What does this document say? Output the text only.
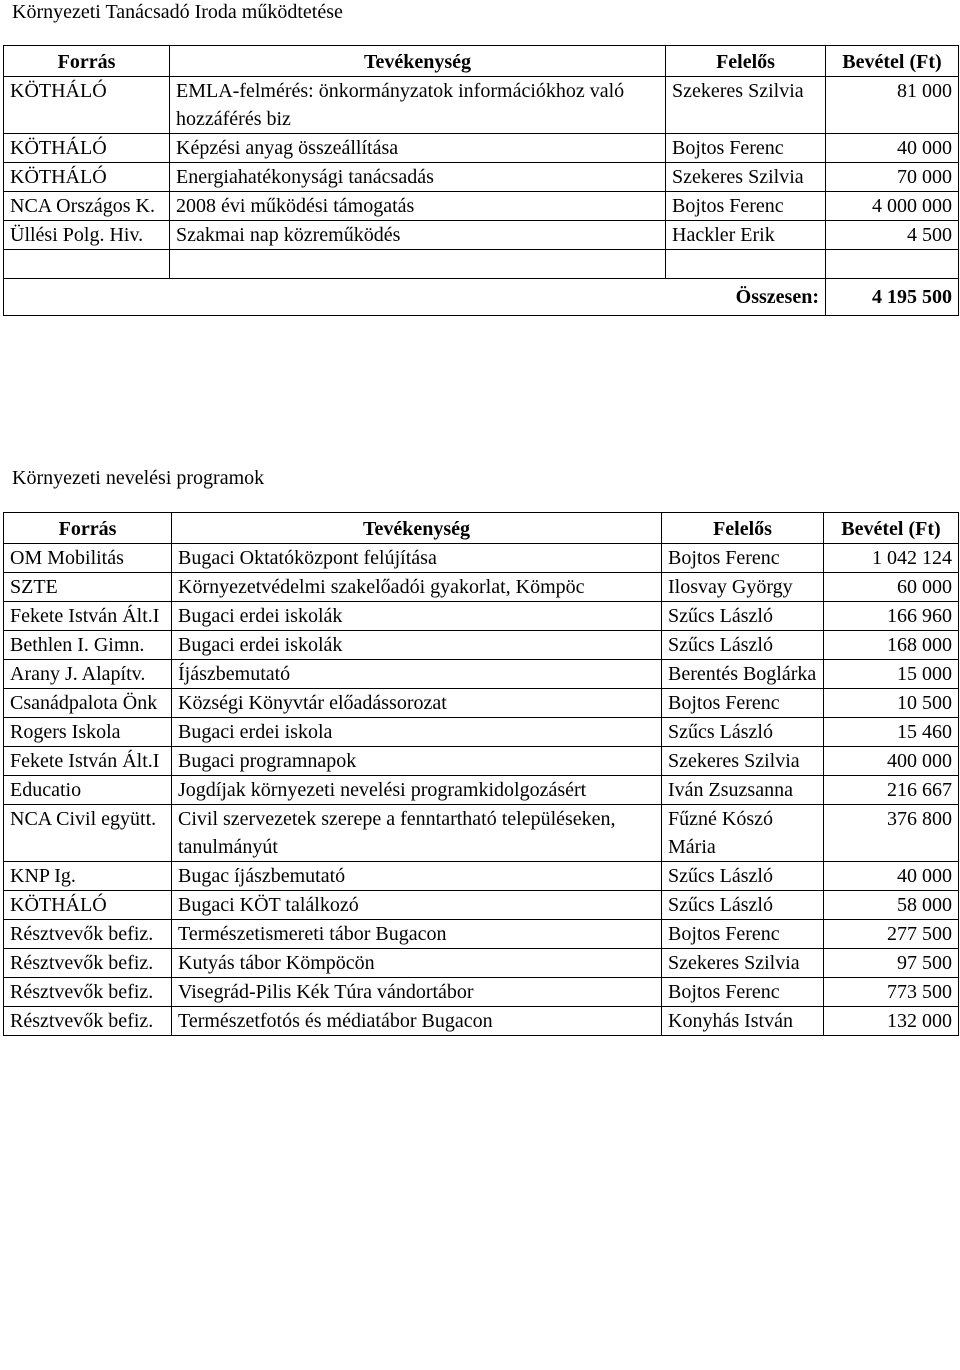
Környezeti Tanácsadó Iroda működtetése
Forrás	Tevékenység	Felelős	Bevétel (Ft)
KÖTHÁLÓ	EMLA-felmérés: önkormányzatok információkhoz való hozzáférés biz	Szekeres Szilvia	81 000
KÖTHÁLÓ	Képzési anyag összeállítása	Bojtos Ferenc	40 000
KÖTHÁLÓ	Energiahatékonysági tanácsadás	Szekeres Szilvia	70 000
NCA Országos K.	2008 évi működési támogatás	Bojtos Ferenc	4 000 000
Üllési Polg. Hiv.	Szakmai nap közreműködés	Hackler Erik	4 500

Összesen:			4 195 500
Környezeti nevelési programok
Forrás	Tevékenység	Felelős	Bevétel (Ft)
OM Mobilitás	Bugaci Oktatóközpont felújítása	Bojtos Ferenc	1 042 124
SZTE	Környezetvédelmi szakelőadói gyakorlat, Kömpöc	Ilosvay György	60 000
Fekete István Ált.I	Bugaci erdei iskolák	Szűcs László	166 960
Bethlen I. Gimn.	Bugaci erdei iskolák	Szűcs László	168 000
Arany J. Alapítv.	Íjászbemutató	Berentés Boglárka	15 000
Csanádpalota Önk	Községi Könyvtár előadássorozat	Bojtos Ferenc	10 500
Rogers Iskola	Bugaci erdei iskola	Szűcs László	15 460
Fekete István Ált.I	Bugaci programnapok	Szekeres Szilvia	400 000
Educatio	Jogdíjak környezeti nevelési programkidolgozásért	Iván Zsuzsanna	216 667
NCA Civil együtt.	Civil szervezetek szerepe a fenntartható településeken, tanulmányút	Fűzné Kószó Mária	376 800
KNP Ig.	Bugac íjászbemutató	Szűcs László	40 000
KÖTHÁLÓ	Bugaci KÖT találkozó	Szűcs László	58 000
Résztvevők befiz.	Természetismereti tábor Bugacon	Bojtos Ferenc	277 500
Résztvevők befiz.	Kutyás tábor Kömpöcön	Szekeres Szilvia	97 500
Résztvevők befiz.	Visegrád-Pilis Kék Túra vándortábor	Bojtos Ferenc	773 500
Résztvevők befiz.	Természetfotós és médiatábor Bugacon	Konyhás István	132 000
